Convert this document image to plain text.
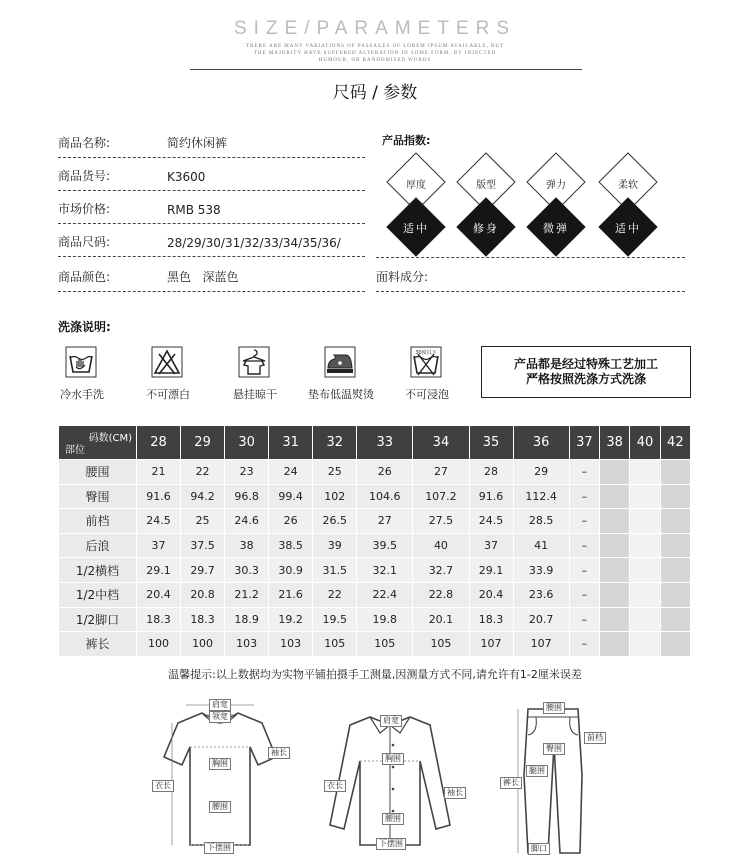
SIZE/PARAMETERS
THERE ARE MANY VARIATIONS OF PASSAGES OF LOREM IPSUM AVAILABLE, BUT
THE MAJORITY HAVE SUFFERED ALTERATION IN SOME FORM, BY INJECTED
HUMOUR, OR RANDOMISED WORDS
尺码 / 参数
商品名称:	简约休闲裤
商品货号:	K3600
市场价格:	RMB 538
商品尺码:	28/29/30/31/32/33/34/35/36/
商品颜色:	黑色   深蓝色
产品指数:
厚度
适中
版型
修身
弹力
微弹
柔软
适中
面料成分:
洗涤说明:
冷水手洗	不可漂白	悬挂晾干	垫布低温熨烫
30度以下
不可浸泡
产品都是经过特殊工艺加工
严格按照洗涤方式洗涤
码数(CM)
部位	28	29	30	31	32	33	34	35	36	37	38	40	42
腰围	21	22	23	24	25	26	27	28	29	–			
臀围	91.6	94.2	96.8	99.4	102	104.6	107.2	91.6	112.4	–			
前档	24.5	25	24.6	26	26.5	27	27.5	24.5	28.5	–			
后浪	37	37.5	38	38.5	39	39.5	40	37	41	–			
1/2横档	29.1	29.7	30.3	30.9	31.5	32.1	32.7	29.1	33.9	–			
1/2中档	20.4	20.8	21.2	21.6	22	22.4	22.8	20.4	23.6	–			
1/2脚口	18.3	18.3	18.9	19.2	19.5	19.8	20.1	18.3	20.7	–			
裤长	100	100	103	103	105	105	105	107	107	–			
温馨提示:以上数据均为实物平铺拍摄手工测量,因测量方式不同,请允许有1-2厘米误差
肩宽
领宽
袖长
胸围
衣长
腰围
下摆围
肩宽
衣长
胸围
袖长
腰围
下摆围
腰围
前档
臀围
裤长
腿围
脚口
